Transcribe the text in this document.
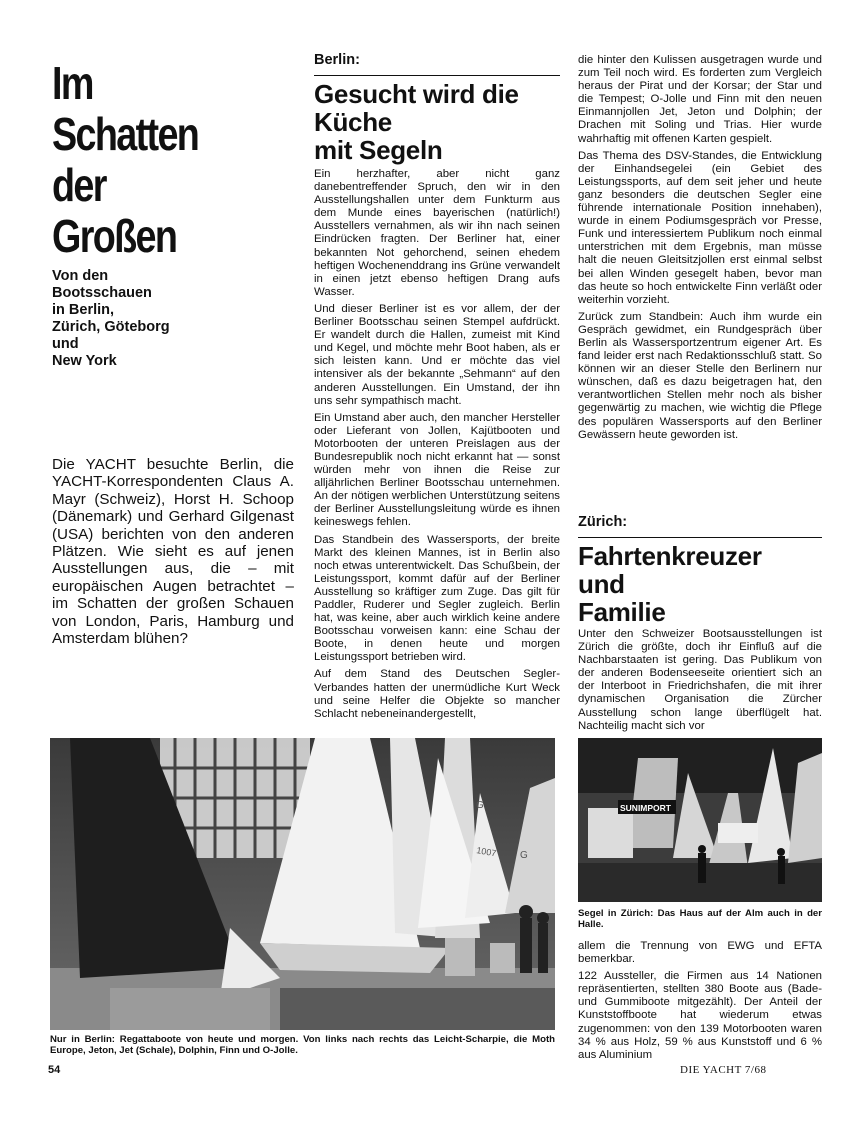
Im
Schatten
der
Großen
Von den
Bootsschauen
in Berlin,
Zürich, Göteborg
und
New York

Die YACHT besuchte Berlin, die YACHT-Korrespondenten Claus A. Mayr (Schweiz), Horst H. Schoop (Dänemark) und Gerhard Gilgenast (USA) berichten von den anderen Plätzen. Wie sieht es auf jenen Ausstellungen aus, die – mit europäischen Augen betrachtet – im Schatten der großen Schauen von London, Paris, Hamburg und Amsterdam blühen?

Berlin:

Gesucht wird die
Küche
mit Segeln

Ein herzhafter, aber nicht ganz danebentreffender Spruch, den wir in den Ausstellungshallen unter dem Funkturm aus dem Munde eines bayerischen (natürlich!) Ausstellers vernahmen, als wir ihn nach seinen Eindrücken fragten. Der Berliner hat, einer bekannten Not gehorchend, seinen ehedem heftigen Wochenenddrang ins Grüne verwandelt in einen jetzt ebenso heftigen Drang aufs Wasser.

Und dieser Berliner ist es vor allem, der der Berliner Bootsschau seinen Stempel aufdrückt. Er wandelt durch die Hallen, zumeist mit Kind und Kegel, und möchte mehr Boot haben, als er sich leisten kann. Und er möchte das viel intensiver als der bekannte „Sehmann“ auf den anderen Ausstellungen. Ein Umstand, der ihn uns sehr sympathisch macht.

Ein Umstand aber auch, den mancher Hersteller oder Lieferant von Jollen, Kajütbooten und Motorbooten der unteren Preislagen aus der Bundesrepublik noch nicht erkannt hat — sonst würden mehr von ihnen die Reise zur alljährlichen Berliner Bootsschau unternehmen. An der nötigen werblichen Unterstützung seitens der Berliner Ausstellungsleitung würde es ihnen keineswegs fehlen.

Das Standbein des Wassersports, der breite Markt des kleinen Mannes, ist in Berlin also noch etwas unterentwickelt. Das Schußbein, der Leistungssport, kommt dafür auf der Berliner Ausstellung so kräftiger zum Zuge. Das gilt für Paddler, Ruderer und Segler zugleich. Berlin hat, was keine, aber auch wirklich keine andere Bootsschau vorweisen kann: eine Schau der Boote, in denen heute und morgen Leistungssport betrieben wird.

Auf dem Stand des Deutschen Segler-Verbandes hatten der unermüdliche Kurt Weck und seine Helfer die Objekte so mancher Schlacht nebeneinandergestellt,

die hinter den Kulissen ausgetragen wurde und zum Teil noch wird. Es forderten zum Vergleich heraus der Pirat und der Korsar; der Star und die Tempest; O-Jolle und Finn mit den neuen Einmannjollen Jet, Jeton und Dolphin; der Drachen mit Soling und Trias. Hier wurde wahrhaftig mit offenen Karten gespielt.

Das Thema des DSV-Standes, die Entwicklung der Einhandsegelei (ein Gebiet des Leistungssports, auf dem seit jeher und heute ganz besonders die deutschen Segler eine führende internationale Position innehaben), wurde in einem Podiumsgespräch vor Presse, Funk und interessiertem Publikum noch einmal unterstrichen mit dem Ergebnis, man müsse halt die neuen Gleitsitzjollen erst einmal selbst bei allen Winden gesegelt haben, bevor man das heute so hoch entwickelte Finn verläßt oder weiterhin vorzieht.

Zurück zum Standbein: Auch ihm wurde ein Gespräch gewidmet, ein Rundgespräch über Berlin als Wassersportzentrum eigener Art. Es fand leider erst nach Redaktionsschluß statt. So können wir an dieser Stelle den Berlinern nur wünschen, daß es dazu beigetragen hat, den verantwortlichen Stellen mehr noch als bisher gegenwärtig zu machen, wie wichtig die Pflege des populären Wassersports auf den Berliner Gewässern heute geworden ist.

Zürich:

Fahrtenkreuzer
und
Familie

Unter den Schweizer Bootsausstellungen ist Zürich die größte, doch ihr Einfluß auf die Nachbarstaaten ist gering. Das Publikum von der anderen Bodenseeseite orientiert sich an der Interboot in Friedrichshafen, die mit ihrer dynamischen Organisation die Zürcher Ausstellung schon lange überflügelt hat. Nachteilig macht sich vor

G
1007 G

Nur in Berlin: Regattaboote von heute und morgen. Von links nach rechts das Leicht-Scharpie, die Moth Europe, Jeton, Jet (Schale), Dolphin, Finn und O-Jolle.

SUNIMPORT

Segel in Zürich: Das Haus auf der Alm auch in der Halle.

allem die Trennung von EWG und EFTA bemerkbar.

122 Aussteller, die Firmen aus 14 Nationen repräsentierten, stellten 380 Boote aus (Bade- und Gummiboote mitgezählt). Der Anteil der Kunststoffboote hat wiederum etwas zugenommen: von den 139 Motorbooten waren 34 % aus Holz, 59 % aus Kunststoff und 6 % aus Aluminium

54	DIE YACHT 7/68
